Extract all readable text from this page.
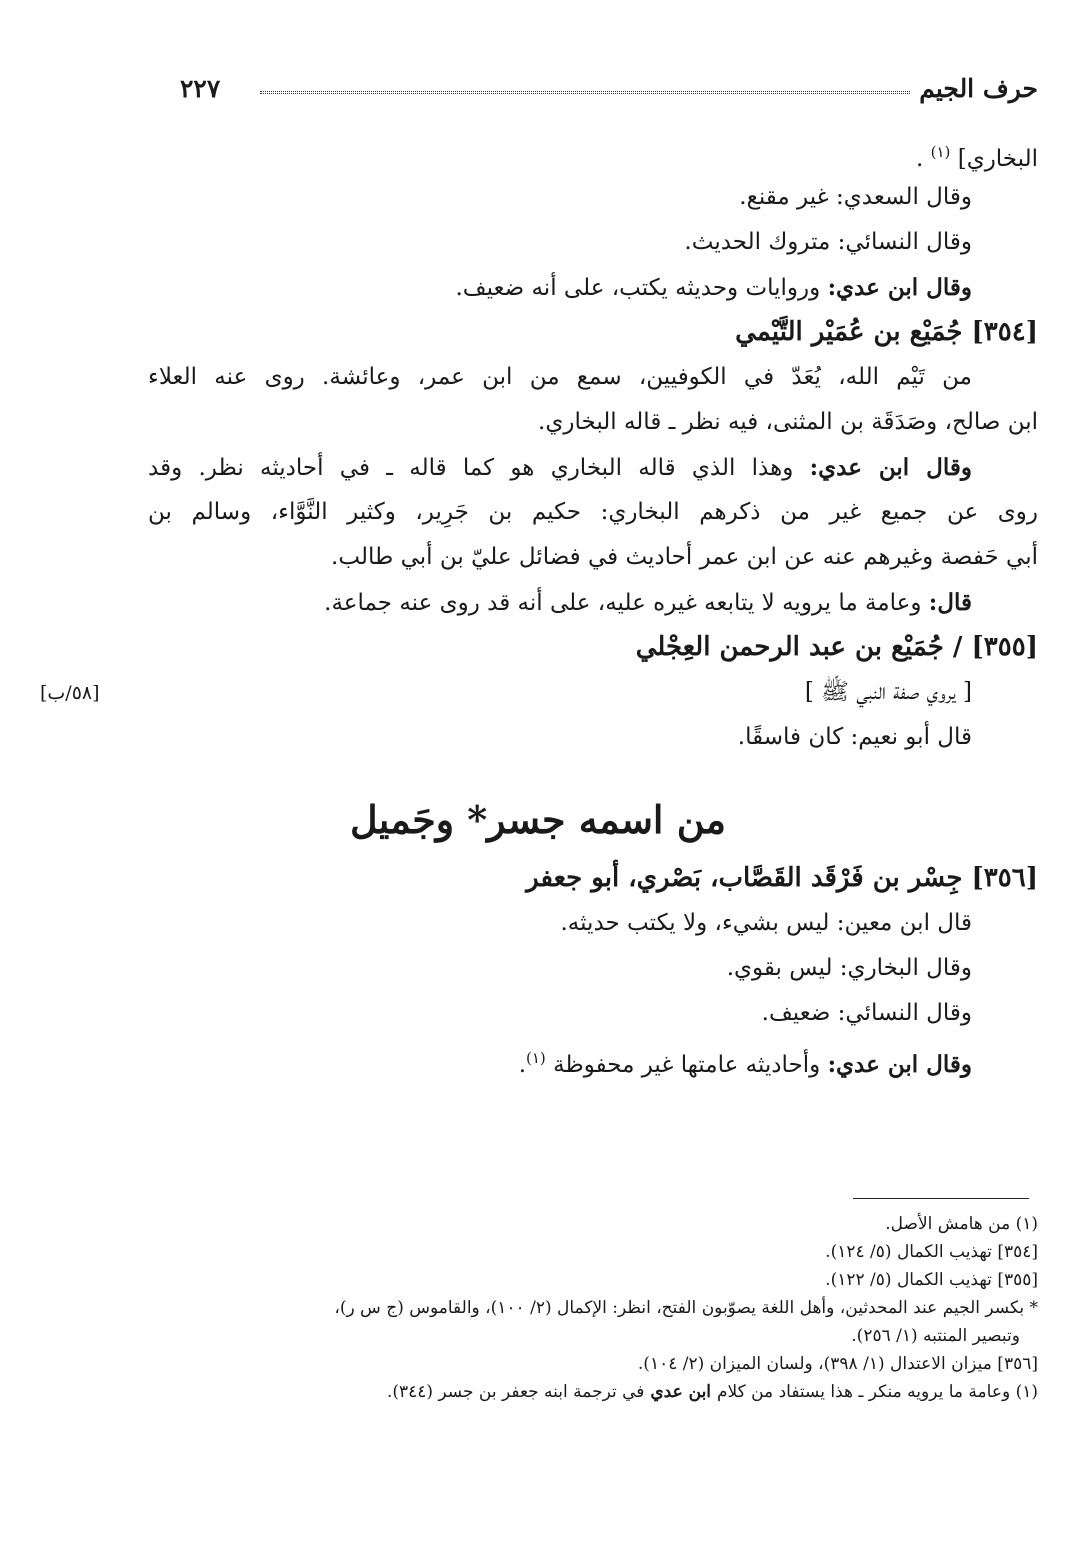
حرف الجيم
٢٢٧
[٥٨/ب]
البخاري] $^{(١)}$ .
وقال السعدي: غير مقنع.
وقال النسائي: متروك الحديث.
وقال ابن عدي: وروايات وحديثه يكتب، على أنه ضعيف.
[٣٥٤] جُمَيْع بن عُمَيْر التَّيْمي
من تَيْم الله، يُعَدّ في الكوفيين، سمع من ابن عمر، وعائشة. روى عنه العلاء
ابن صالح، وصَدَقَة بن المثنى، فيه نظر ـ قاله البخاري.
وقال ابن عدي: وهذا الذي قاله البخاري هو كما قاله ـ في أحاديثه نظر. وقد
روى عن جميع غير من ذكرهم البخاري: حكيم بن جَرِير، وكثير النَّوَّاء، وسالم بن
أبي حَفصة وغيرهم عنه عن ابن عمر أحاديث في فضائل عليّ بن أبي طالب.
قال: وعامة ما يرويه لا يتابعه غيره عليه، على أنه قد روى عنه جماعة.
[٣٥٥] / جُمَيْع بن عبد الرحمن العِجْلي
[ يروي صفة النبي ﷺ ]
قال أبو نعيم: كان فاسقًا.
من اسمه جسر* وجَميل
[٣٥٦] جِسْر بن فَرْقَد القَصَّاب، بَصْري، أبو جعفر
قال ابن معين: ليس بشيء، ولا يكتب حديثه.
وقال البخاري: ليس بقوي.
وقال النسائي: ضعيف.
وقال ابن عدي: وأحاديثه عامتها غير محفوظة $^{(١)}$.
(١) من هامش الأصل.
[٣٥٤] تهذيب الكمال (٥/ ١٢٤).
[٣٥٥] تهذيب الكمال (٥/ ١٢٢).
* بكسر الجيم عند المحدثين، وأهل اللغة يصوّبون الفتح، انظر: الإكمال (٢/ ١٠٠)، والقاموس (ج س ر)،
وتبصير المنتبه (١/ ٢٥٦).
[٣٥٦] ميزان الاعتدال (١/ ٣٩٨)، ولسان الميزان (٢/ ١٠٤).
(١) وعامة ما يرويه منكر ـ هذا يستفاد من كلام ابن عدي في ترجمة ابنه جعفر بن جسر (٣٤٤).
